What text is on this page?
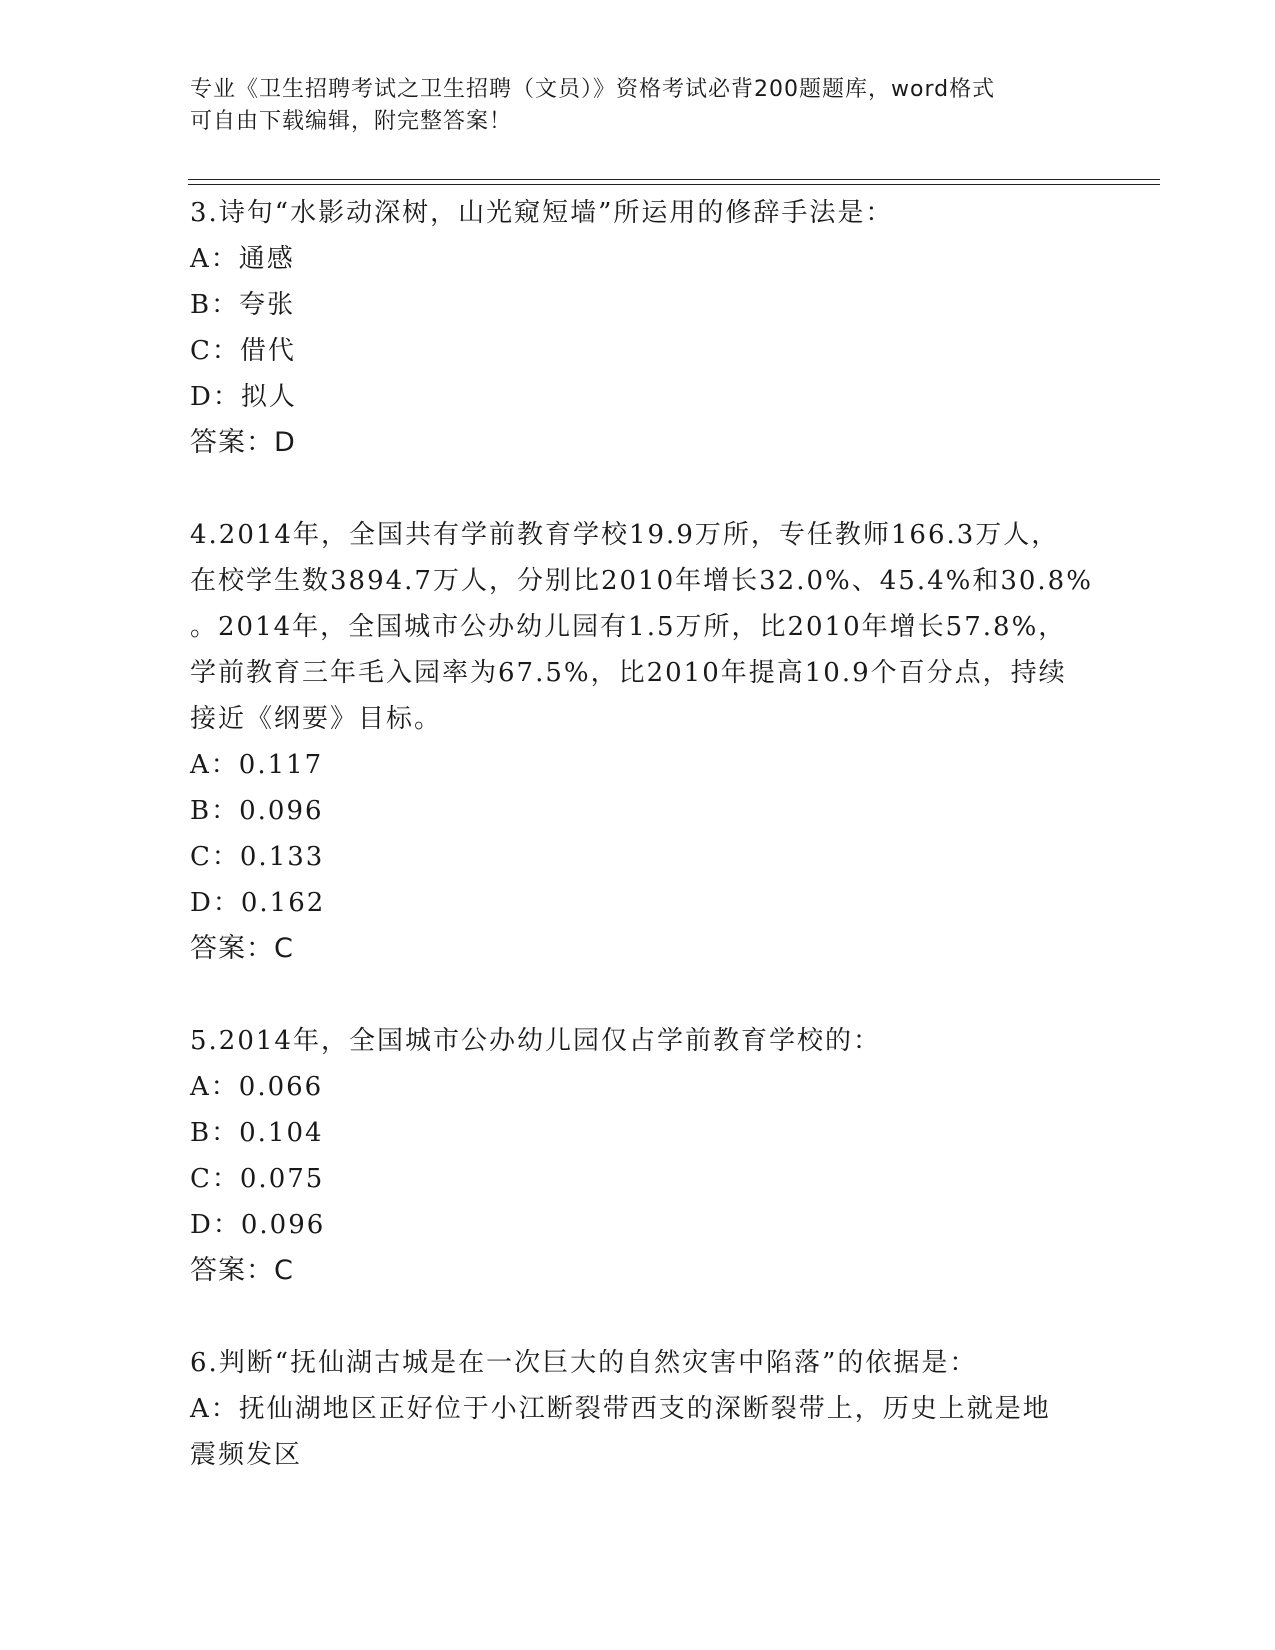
专业《卫生招聘考试之卫生招聘（文员）》资格考试必背200题题库，word格式
可自由下载编辑，附完整答案！
3.诗句“水影动深树，山光窥短墙”所运用的修辞手法是：
A：通感
B：夸张
C：借代
D：拟人
答案：D
4.2014年，全国共有学前教育学校19.9万所，专任教师166.3万人，
在校学生数3894.7万人，分别比2010年增长32.0%、45.4%和30.8%
。2014年，全国城市公办幼儿园有1.5万所，比2010年增长57.8%，
学前教育三年毛入园率为67.5%，比2010年提高10.9个百分点，持续
接近《纲要》目标。
A：0.117
B：0.096
C：0.133
D：0.162
答案：C
5.2014年，全国城市公办幼儿园仅占学前教育学校的：
A：0.066
B：0.104
C：0.075
D：0.096
答案：C
6.判断“抚仙湖古城是在一次巨大的自然灾害中陷落”的依据是：
A：抚仙湖地区正好位于小江断裂带西支的深断裂带上，历史上就是地
震频发区
